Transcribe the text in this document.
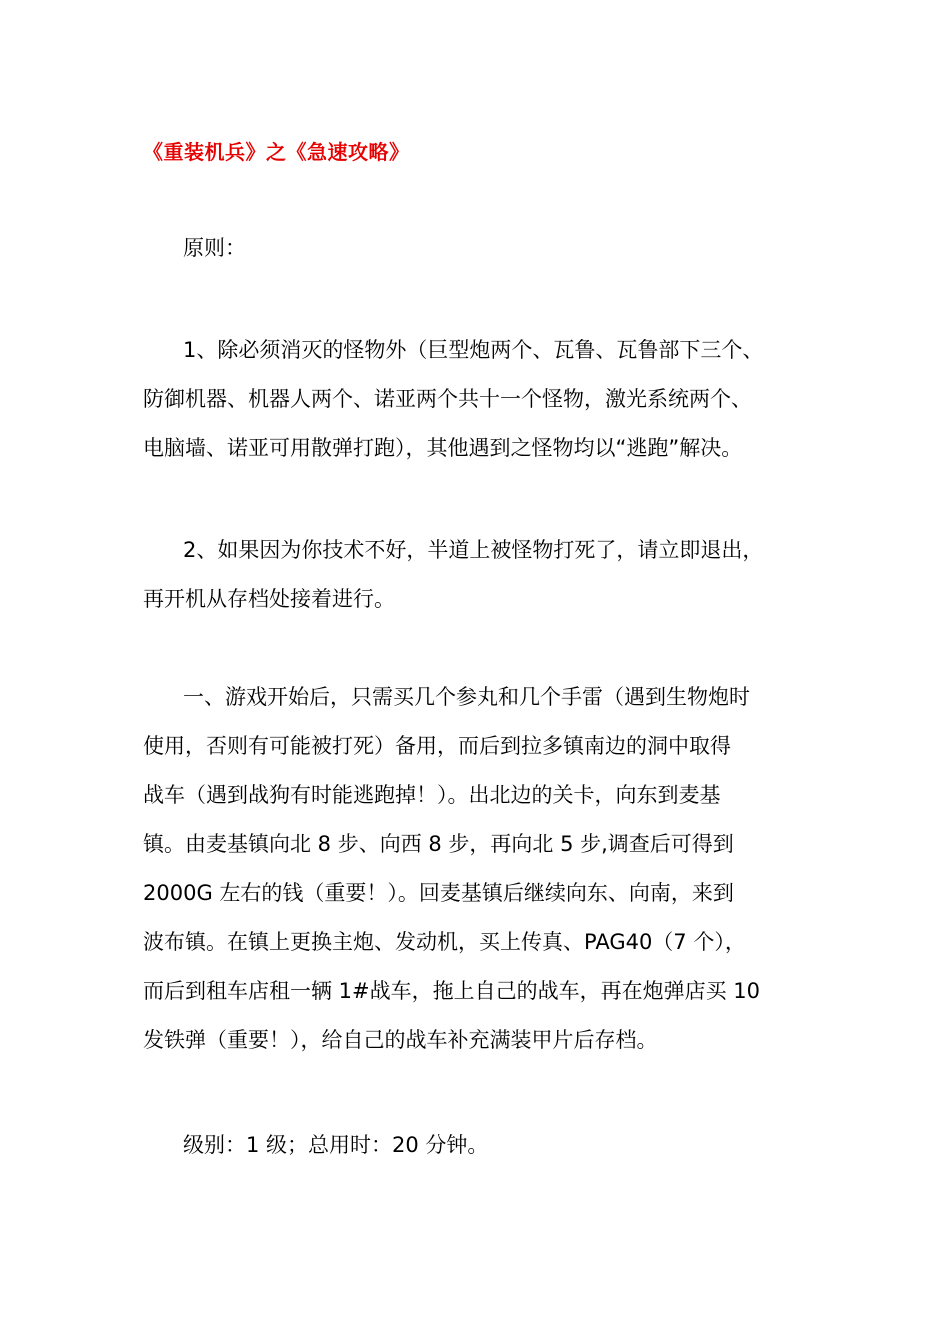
《重装机兵》之《急速攻略》

原则：

1、除必须消灭的怪物外（巨型炮两个、瓦鲁、瓦鲁部下三个、
防御机器、机器人两个、诺亚两个共十一个怪物，激光系统两个、
电脑墙、诺亚可用散弹打跑），其他遇到之怪物均以“逃跑”解决。

2、如果因为你技术不好，半道上被怪物打死了，请立即退出，
再开机从存档处接着进行。

一、游戏开始后，只需买几个参丸和几个手雷（遇到生物炮时
使用，否则有可能被打死）备用，而后到拉多镇南边的洞中取得
战车（遇到战狗有时能逃跑掉！）。出北边的关卡，向东到麦基
镇。由麦基镇向北 8 步、向西 8 步，再向北 5 步,调查后可得到
2000G 左右的钱（重要！）。回麦基镇后继续向东、向南，来到
波布镇。在镇上更换主炮、发动机，买上传真、PAG40（7 个），
而后到租车店租一辆 1#战车，拖上自己的战车，再在炮弹店买 10
发铁弹（重要！），给自己的战车补充满装甲片后存档。

级别：1 级；总用时：20 分钟。
